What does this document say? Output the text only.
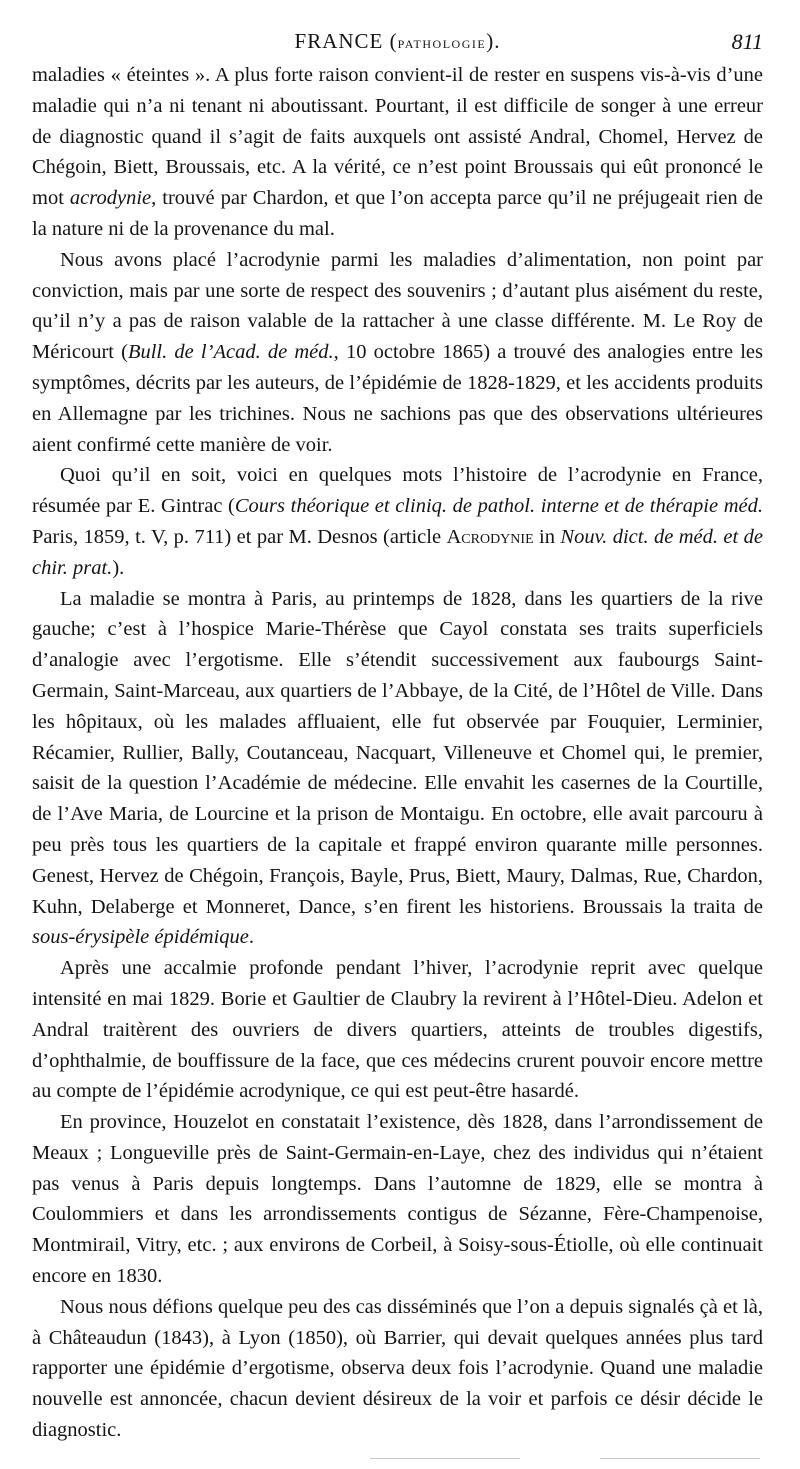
FRANCE (PATHOLOGIE).	811

maladies « éteintes ». A plus forte raison convient-il de rester en suspens vis-à-vis d’une maladie qui n’a ni tenant ni aboutissant. Pourtant, il est difficile de songer à une erreur de diagnostic quand il s’agit de faits auxquels ont assisté Andral, Chomel, Hervez de Chégoin, Biett, Broussais, etc. A la vérité, ce n’est point Broussais qui eût prononcé le mot acrodynie, trouvé par Chardon, et que l’on accepta parce qu’il ne préjugeait rien de la nature ni de la provenance du mal.

Nous avons placé l’acrodynie parmi les maladies d’alimentation, non point par conviction, mais par une sorte de respect des souvenirs ; d’autant plus aisément du reste, qu’il n’y a pas de raison valable de la rattacher à une classe différente. M. Le Roy de Méricourt (Bull. de l’Acad. de méd., 10 octobre 1865) a trouvé des analogies entre les symptômes, décrits par les auteurs, de l’épidémie de 1828-1829, et les accidents produits en Allemagne par les trichines. Nous ne sachions pas que des observations ultérieures aient confirmé cette manière de voir.

Quoi qu’il en soit, voici en quelques mots l’histoire de l’acrodynie en France, résumée par E. Gintrac (Cours théorique et cliniq. de pathol. interne et de thérapie méd. Paris, 1859, t. V, p. 711) et par M. Desnos (article Acrodynie in Nouv. dict. de méd. et de chir. prat.).

La maladie se montra à Paris, au printemps de 1828, dans les quartiers de la rive gauche; c’est à l’hospice Marie-Thérèse que Cayol constata ses traits superficiels d’analogie avec l’ergotisme. Elle s’étendit successivement aux faubourgs Saint-Germain, Saint-Marceau, aux quartiers de l’Abbaye, de la Cité, de l’Hôtel de Ville. Dans les hôpitaux, où les malades affluaient, elle fut observée par Fouquier, Lerminier, Récamier, Rullier, Bally, Coutanceau, Nacquart, Villeneuve et Chomel qui, le premier, saisit de la question l’Académie de médecine. Elle envahit les casernes de la Courtille, de l’Ave Maria, de Lourcine et la prison de Montaigu. En octobre, elle avait parcouru à peu près tous les quartiers de la capitale et frappé environ quarante mille personnes. Genest, Hervez de Chégoin, François, Bayle, Prus, Biett, Maury, Dalmas, Rue, Chardon, Kuhn, Delaberge et Monneret, Dance, s’en firent les historiens. Broussais la traita de sous-érysipèle épidémique.

Après une accalmie profonde pendant l’hiver, l’acrodynie reprit avec quelque intensité en mai 1829. Borie et Gaultier de Claubry la revirent à l’Hôtel-Dieu. Adelon et Andral traitèrent des ouvriers de divers quartiers, atteints de troubles digestifs, d’ophthalmie, de bouffissure de la face, que ces médecins crurent pouvoir encore mettre au compte de l’épidémie acrodynique, ce qui est peut-être hasardé.

En province, Houzelot en constatait l’existence, dès 1828, dans l’arrondissement de Meaux ; Longueville près de Saint-Germain-en-Laye, chez des individus qui n’étaient pas venus à Paris depuis longtemps. Dans l’automne de 1829, elle se montra à Coulommiers et dans les arrondissements contigus de Sézanne, Fère-Champenoise, Montmirail, Vitry, etc. ; aux environs de Corbeil, à Soisy-sous-Étiolle, où elle continuait encore en 1830.

Nous nous défions quelque peu des cas disséminés que l’on a depuis signalés çà et là, à Châteaudun (1843), à Lyon (1850), où Barrier, qui devait quelques années plus tard rapporter une épidémie d’ergotisme, observa deux fois l’acrodynie. Quand une maladie nouvelle est annoncée, chacun devient désireux de la voir et parfois ce désir décide le diagnostic.
